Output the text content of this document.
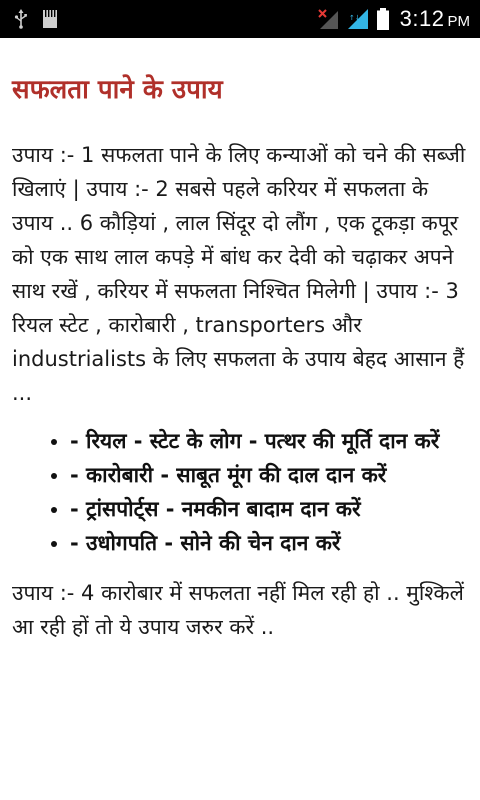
↑↓ 3:12 PM
सफलता पाने के उपाय

उपाय :- 1 सफलता पाने के लिए कन्याओं को चने की सब्जी खिलाएं | उपाय :- 2 सबसे पहले करियर में सफलता के उपाय .. 6 कौड़ियां , लाल सिंदूर दो लौंग , एक टूकड़ा कपूर को एक साथ लाल कपड़े में बांध कर देवी को चढ़ाकर अपने साथ रखें , करियर में सफलता निश्चित मिलेगी | उपाय :- 3 रियल स्टेट , कारोबारी , transporters और industrialists के लिए सफलता के उपाय बेहद आसान हैं ...

• - रियल - स्टेट के लोग - पत्थर की मूर्ति दान करें
• - कारोबारी - साबूत मूंग की दाल दान करें
• - ट्रांसपोर्ट्स - नमकीन बादाम दान करें
• - उधोगपति - सोने की चेन दान करें

उपाय :- 4 कारोबार में सफलता नहीं मिल रही हो .. मुश्किलें आ रही हों तो ये उपाय जरुर करें ..
